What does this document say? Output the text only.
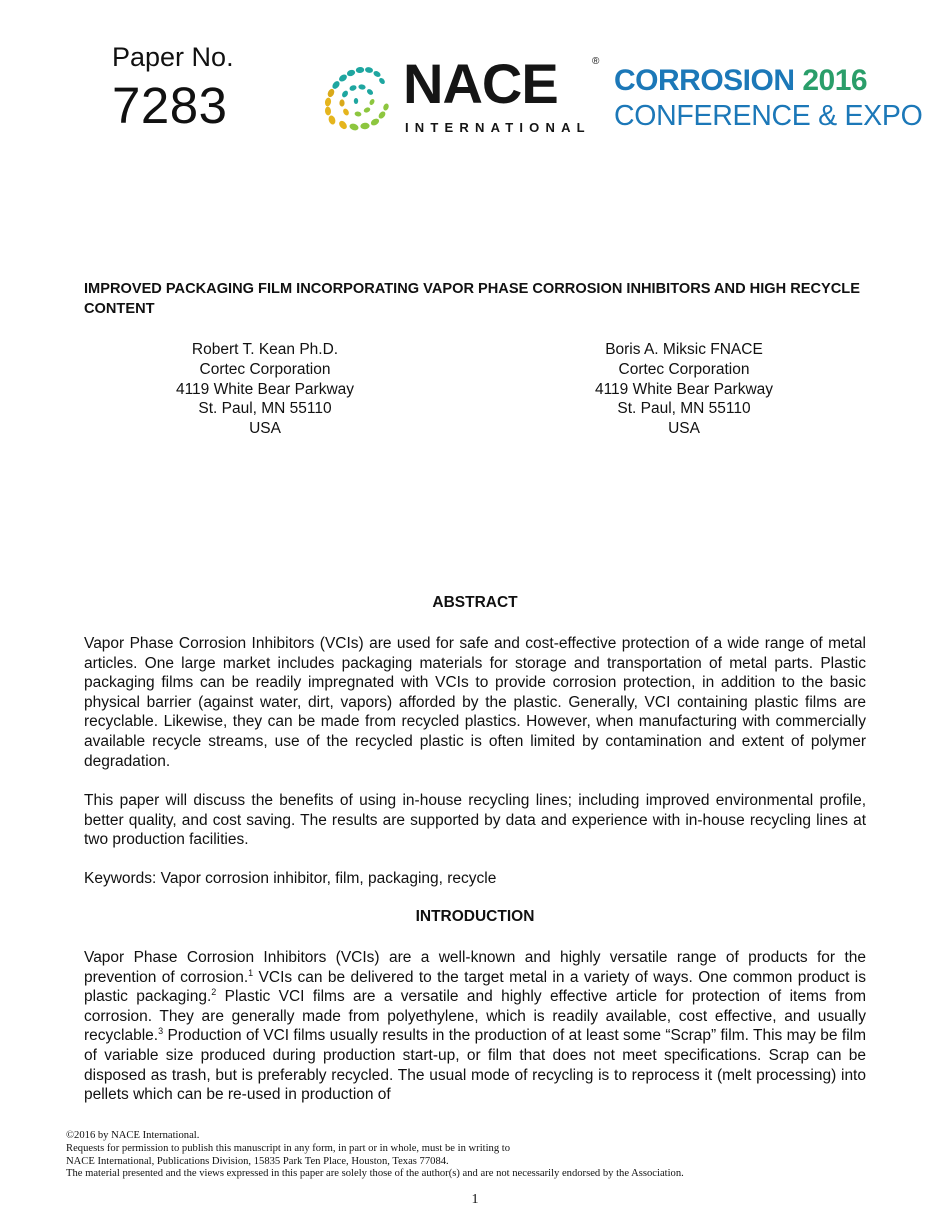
Paper No.
7283	NACE	®
INTERNATIONAL
CORROSION 2016
CONFERENCE & EXPO
IMPROVED PACKAGING FILM INCORPORATING VAPOR PHASE CORROSION INHIBITORS AND HIGH RECYCLE CONTENT
Robert T. Kean Ph.D.
Cortec Corporation
4119 White Bear Parkway
St. Paul, MN 55110
USA
Boris A. Miksic FNACE
Cortec Corporation
4119 White Bear Parkway
St. Paul, MN 55110
USA
ABSTRACT
Vapor Phase Corrosion Inhibitors (VCIs) are used for safe and cost-effective protection of a wide range of metal articles. One large market includes packaging materials for storage and transportation of metal parts. Plastic packaging films can be readily impregnated with VCIs to provide corrosion protection, in addition to the basic physical barrier (against water, dirt, vapors) afforded by the plastic. Generally, VCI containing plastic films are recyclable. Likewise, they can be made from recycled plastics. However, when manufacturing with commercially available recycle streams, use of the recycled plastic is often limited by contamination and extent of polymer degradation.
This paper will discuss the benefits of using in-house recycling lines; including improved environmental profile, better quality, and cost saving. The results are supported by data and experience with in-house recycling lines at two production facilities.
Keywords: Vapor corrosion inhibitor, film, packaging, recycle
INTRODUCTION
Vapor Phase Corrosion Inhibitors (VCIs) are a well-known and highly versatile range of products for the prevention of corrosion.$^1$ VCIs can be delivered to the target metal in a variety of ways. One common product is plastic packaging.$^2$ Plastic VCI films are a versatile and highly effective article for protection of items from corrosion. They are generally made from polyethylene, which is readily available, cost effective, and usually recyclable.$^3$ Production of VCI films usually results in the production of at least some “Scrap” film. This may be film of variable size produced during production start-up, or film that does not meet specifications. Scrap can be disposed as trash, but is preferably recycled. The usual mode of recycling is to reprocess it (melt processing) into pellets which can be re-used in production of
©2016 by NACE International.
Requests for permission to publish this manuscript in any form, in part or in whole, must be in writing to
NACE International, Publications Division, 15835 Park Ten Place, Houston, Texas 77084.
The material presented and the views expressed in this paper are solely those of the author(s) and are not necessarily endorsed by the Association.
1
